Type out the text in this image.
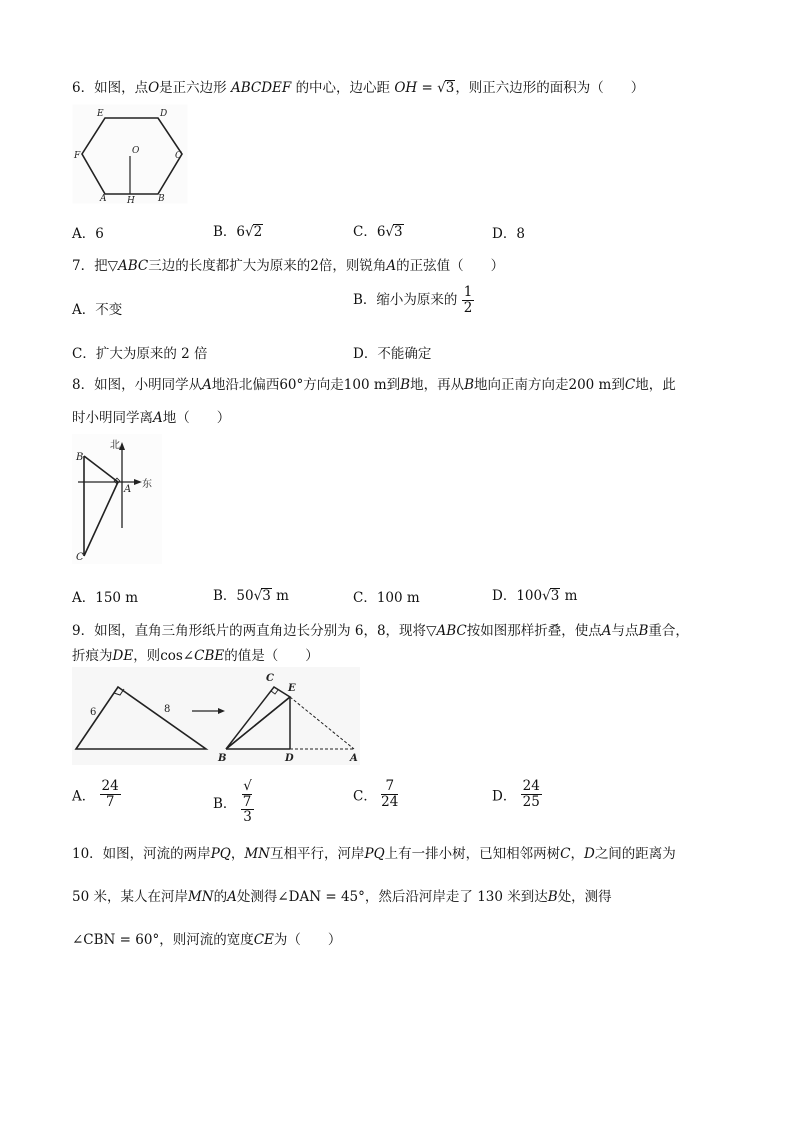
6．如图，点O是正六边形 ABCDEF 的中心，边心距 OH = √3，则正六边形的面积为（　　）
E	D
F	O	C
A H	B
A．6	B．6√2	C．6√3	D．8
7．把▽ABC三边的长度都扩大为原来的2倍，则锐角A的正弦值（　　）
A．不变
B．缩小为原来的 $\frac{1}{2}$
C．扩大为原来的 2 倍	D．不能确定
8．如图，小明同学从A地沿北偏西60°方向走100 m到B地，再从B地向正南方向走200 m到C地，此
时小明同学离A地（　　）
北
东
B
A
C
A．150 m	B．50√3 m	C．100 m	D．100√3 m
9．如图，直角三角形纸片的两直角边长分别为 6，8，现将▽ABC按如图那样折叠，使点A与点B重合，
折痕为DE，则cos∠CBE的值是（　　）
6	8
C
E
B	D	A
A． $\frac{24}{7}$	B． √
7
3	C． $\frac{7}{24}$	D． $\frac{24}{25}$
10．如图，河流的两岸PQ，MN互相平行，河岸PQ上有一排小树，已知相邻两树C，D之间的距离为
50 米，某人在河岸MN的A处测得∠DAN = 45°，然后沿河岸走了 130 米到达B处，测得
∠CBN = 60°，则河流的宽度CE为（　　）
